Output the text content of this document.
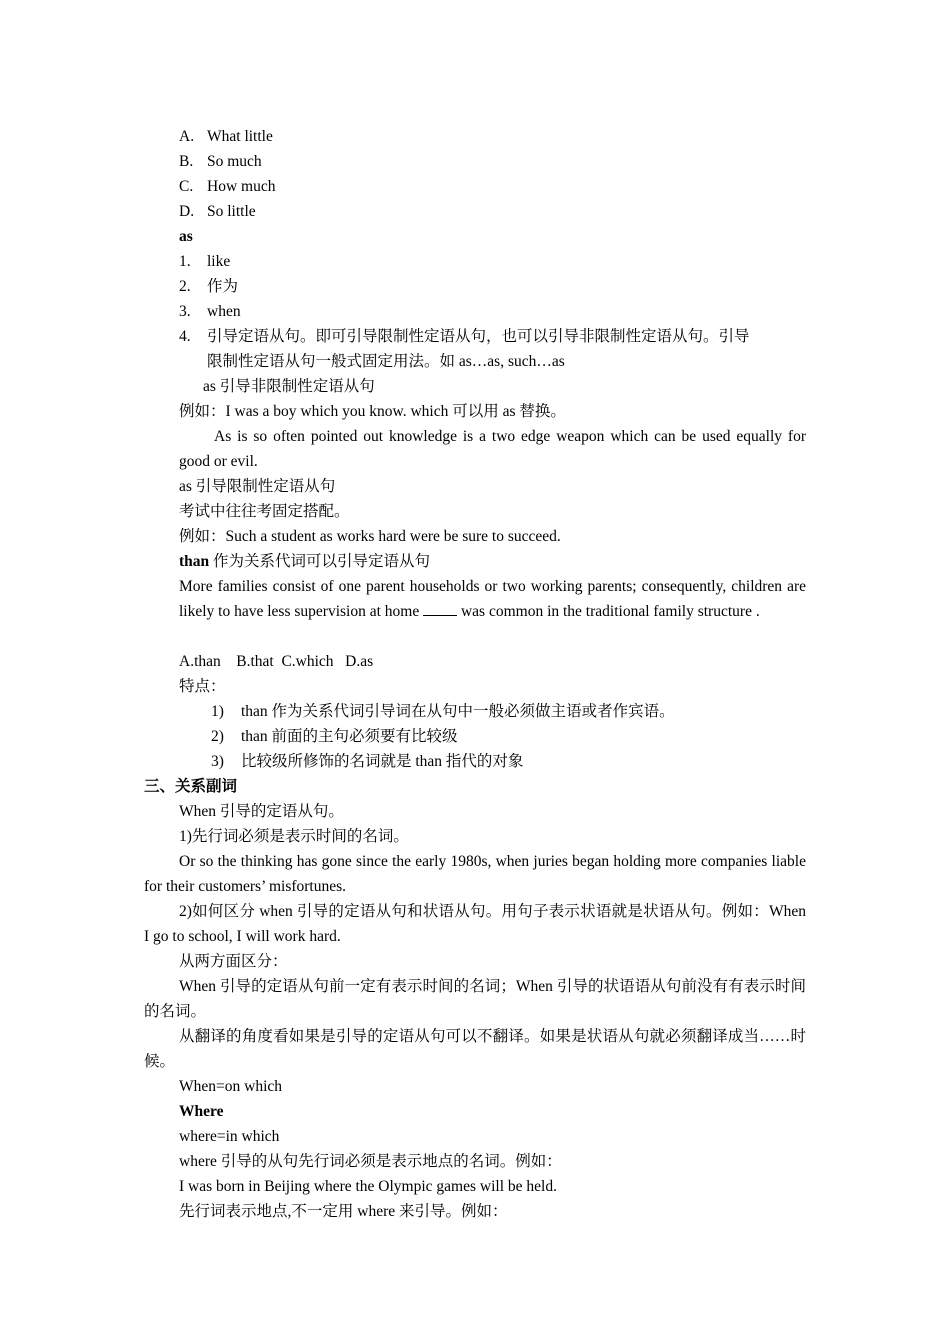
A. What little
B. So much
C. How much
D. So little
as
1. like
2. 作为
3. when
4. 引导定语从句。即可引导限制性定语从句，也可以引导非限制性定语从句。引导
限制性定语从句一般式固定用法。如 as…as, such…as
as 引导非限制性定语从句
例如：I was a boy which you know. which 可以用 as 替换。
As is so often pointed out knowledge is a two edge weapon which can be used equally for good or evil.
as 引导限制性定语从句
考试中往往考固定搭配。
例如：Such a student as works hard were be sure to succeed.
than 作为关系代词可以引导定语从句
More families consist of one parent households or two working parents; consequently, children are likely to have less supervision at home  was common in the traditional family structure .
A.than    B.that  C.which   D.as
特点：
1) than 作为关系代词引导词在从句中一般必须做主语或者作宾语。
2) than 前面的主句必须要有比较级
3) 比较级所修饰的名词就是 than 指代的对象
三、关系副词
When 引导的定语从句。
1)先行词必须是表示时间的名词。
Or so the thinking has gone since the early 1980s, when juries began holding more companies liable for their customers’ misfortunes.
2)如何区分 when 引导的定语从句和状语从句。用句子表示状语就是状语从句。例如：When I go to school, I will work hard.
从两方面区分：
When 引导的定语从句前一定有表示时间的名词；When 引导的状语语从句前没有有表示时间的名词。
从翻译的角度看如果是引导的定语从句可以不翻译。如果是状语从句就必须翻译成当……时候。
When=on which
Where
where=in which
where 引导的从句先行词必须是表示地点的名词。例如：
I was born in Beijing where the Olympic games will be held.
先行词表示地点,不一定用 where 来引导。例如：
